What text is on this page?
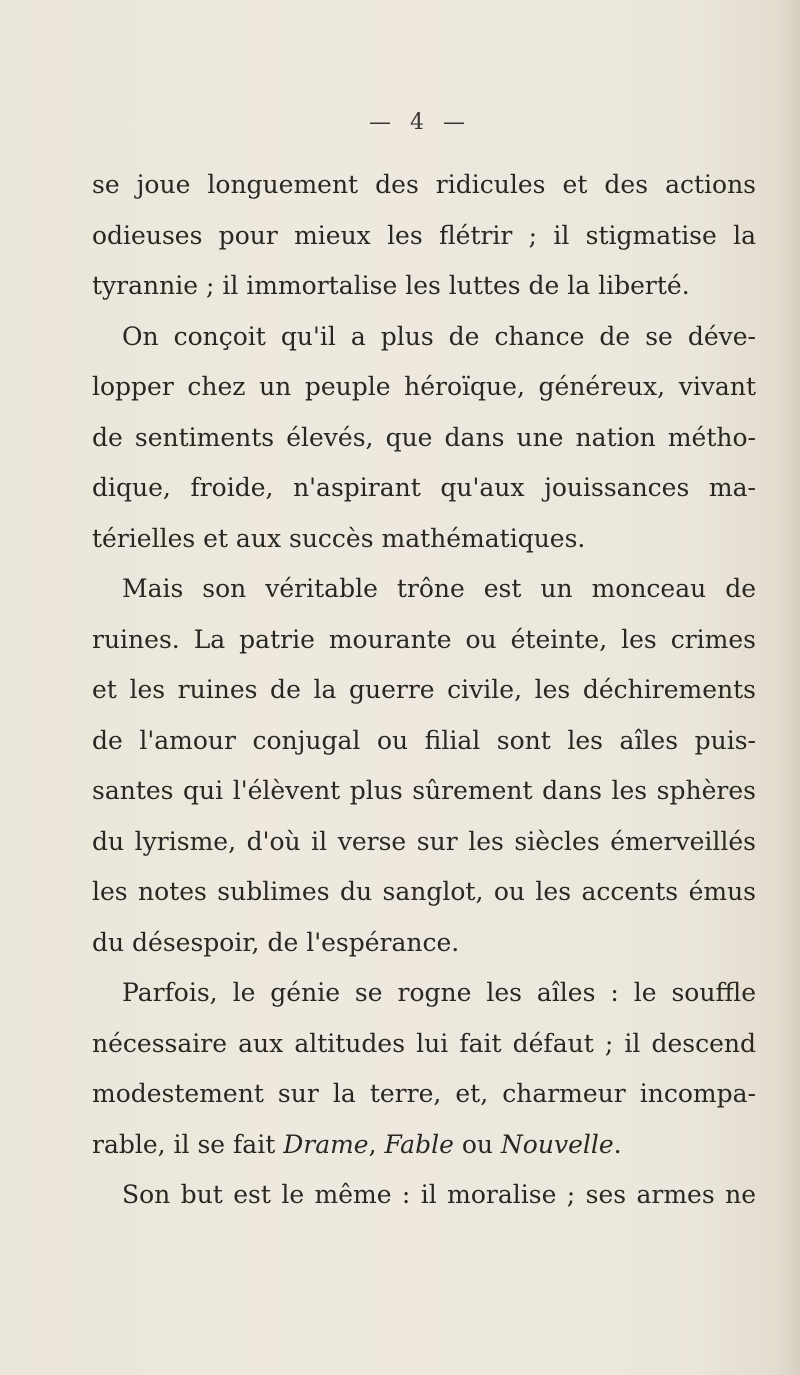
— 4 —
se joue longuement des ridicules et des actions
odieuses pour mieux les flétrir ; il stigmatise la
tyrannie ; il immortalise les luttes de la liberté.
On conçoit qu'il a plus de chance de se déve-
lopper chez un peuple héroïque, généreux, vivant
de sentiments élevés, que dans une nation métho-
dique, froide, n'aspirant qu'aux jouissances ma-
térielles et aux succès mathématiques.
Mais son véritable trône est un monceau de
ruines. La patrie mourante ou éteinte, les crimes
et les ruines de la guerre civile, les déchirements
de l'amour conjugal ou filial sont les aîles puis-
santes qui l'élèvent plus sûrement dans les sphères
du lyrisme, d'où il verse sur les siècles émerveillés
les notes sublimes du sanglot, ou les accents émus
du désespoir, de l'espérance.
Parfois, le génie se rogne les aîles : le souffle
nécessaire aux altitudes lui fait défaut ; il descend
modestement sur la terre, et, charmeur incompa-
rable, il se fait Drame, Fable ou Nouvelle.
Son but est le même : il moralise ; ses armes ne
